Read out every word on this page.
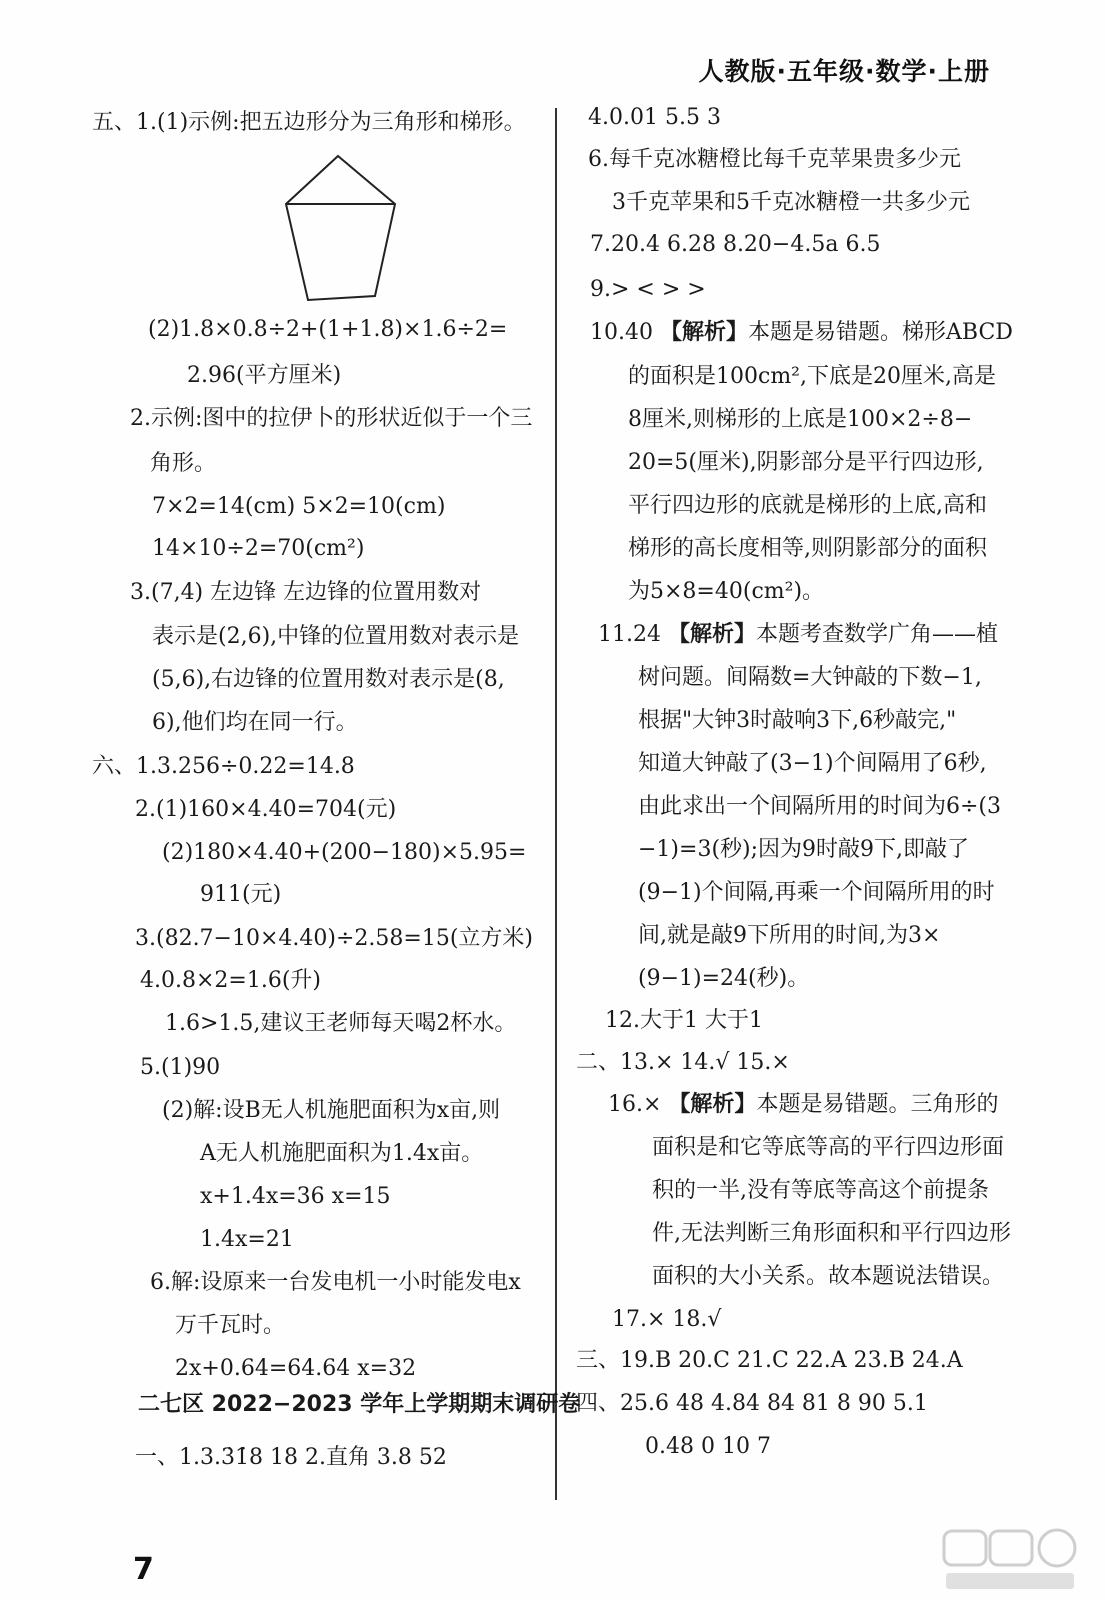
人教版·五年级·数学·上册
五、1.(1)示例:把五边形分为三角形和梯形。
(2)1.8×0.8÷2+(1+1.8)×1.6÷2=
2.96(平方厘米)
2.示例:图中的拉伊卜的形状近似于一个三
角形。
7×2=14(cm) 5×2=10(cm)
14×10÷2=70(cm²)
3.(7,4) 左边锋 左边锋的位置用数对
表示是(2,6),中锋的位置用数对表示是
(5,6),右边锋的位置用数对表示是(8,
6),他们均在同一行。
六、1.3.256÷0.22=14.8
2.(1)160×4.40=704(元)
(2)180×4.40+(200−180)×5.95=
911(元)
3.(82.7−10×4.40)÷2.58=15(立方米)
4.0.8×2=1.6(升)
1.6>1.5,建议王老师每天喝2杯水。
5.(1)90
(2)解:设B无人机施肥面积为x亩,则
A无人机施肥面积为1.4x亩。
x+1.4x=36 x=15
1.4x=21
6.解:设原来一台发电机一小时能发电x
万千瓦时。
2x+0.64=64.64 x=32
二七区 2022−2023 学年上学期期末调研卷
一、1.3.3̇1̇8 18 2.直角 3.8 52
7
4.0.01 5.5 3
6.每千克冰糖橙比每千克苹果贵多少元
3千克苹果和5千克冰糖橙一共多少元
7.20.4 6.28 8.20−4.5a 6.5
9.> < > >
10.40 【解析】本题是易错题。梯形ABCD
的面积是100cm²,下底是20厘米,高是
8厘米,则梯形的上底是100×2÷8−
20=5(厘米),阴影部分是平行四边形,
平行四边形的底就是梯形的上底,高和
梯形的高长度相等,则阴影部分的面积
为5×8=40(cm²)。
11.24 【解析】本题考查数学广角——植
树问题。间隔数=大钟敲的下数−1,
根据"大钟3时敲响3下,6秒敲完,"
知道大钟敲了(3−1)个间隔用了6秒,
由此求出一个间隔所用的时间为6÷(3
−1)=3(秒);因为9时敲9下,即敲了
(9−1)个间隔,再乘一个间隔所用的时
间,就是敲9下所用的时间,为3×
(9−1)=24(秒)。
12.大于1 大于1
二、13.× 14.√ 15.×
16.× 【解析】本题是易错题。三角形的
面积是和它等底等高的平行四边形面
积的一半,没有等底等高这个前提条
件,无法判断三角形面积和平行四边形
面积的大小关系。故本题说法错误。
17.× 18.√
三、19.B 20.C 21.C 22.A 23.B 24.A
四、25.6 48 4.84 84 81 8 90 5.1
0.48 0 10 7
